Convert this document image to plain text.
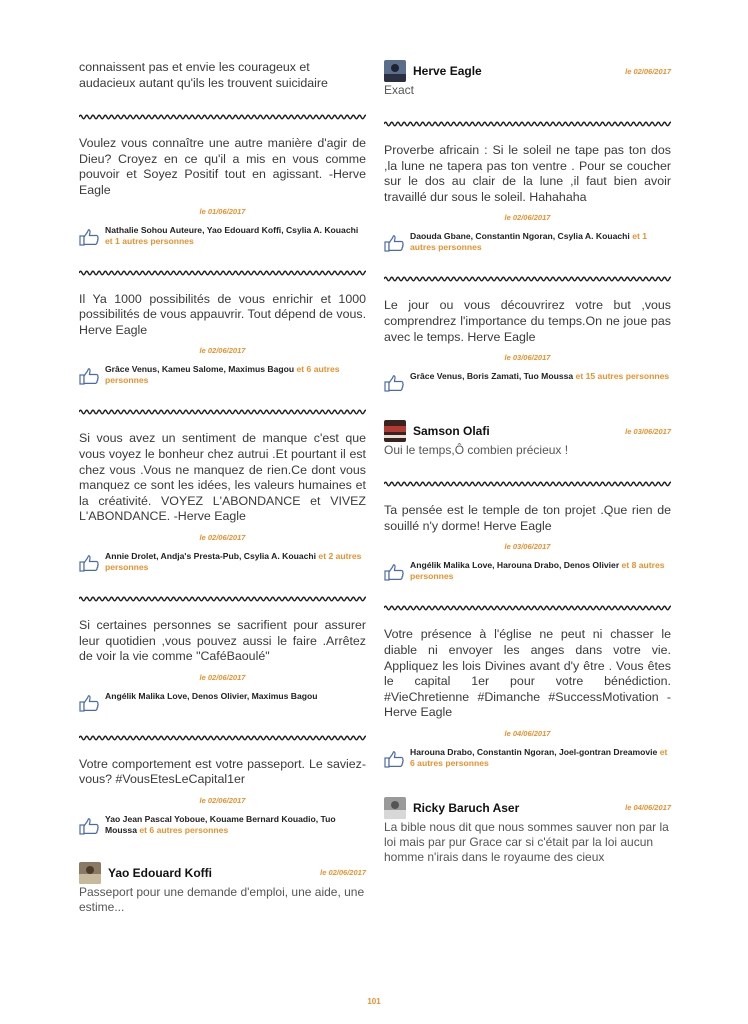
connaissent pas et envie les courageux et audacieux autant qu'ils les trouvent suicidaire

Voulez vous connaître une autre manière d'agir de Dieu? Croyez en ce qu'il a mis en vous comme pouvoir et Soyez Positif tout en agissant. -Herve Eagle

le 01/06/2017

Nathalie Sohou Auteure, Yao Edouard Koffi, Csylia A. Kouachi et 1 autres personnes

Il Ya 1000 possibilités de vous enrichir et 1000 possibilités de vous appauvrir. Tout dépend de vous. Herve Eagle

le 02/06/2017

Grâce Venus, Kameu Salome, Maximus Bagou et 6 autres personnes

Si vous avez un sentiment de manque c'est que vous voyez le bonheur chez autrui .Et pourtant il est chez vous .Vous ne manquez de rien.Ce dont vous manquez ce sont les idées, les valeurs humaines et la créativité. VOYEZ L'ABONDANCE et VIVEZ L'ABONDANCE. -Herve Eagle

le 02/06/2017

Annie Drolet, Andja's Presta-Pub, Csylia A. Kouachi et 2 autres personnes

Si certaines personnes se sacrifient pour assurer leur quotidien ,vous pouvez aussi le faire .Arrêtez de voir la vie comme "CaféBaoulé"

le 02/06/2017

Angélik Malika Love, Denos Olivier, Maximus Bagou

Votre comportement est votre passeport. Le saviez-vous? #VousEtesLeCapital1er

le 02/06/2017

Yao Jean Pascal Yoboue, Kouame Bernard Kouadio, Tuo Moussa et 6 autres personnes

Yao Edouard Koffi	le 02/06/2017

Passeport pour une demande d'emploi, une aide, une estime...

Herve Eagle	le 02/06/2017

Exact

Proverbe africain : Si le soleil ne tape pas ton dos ,la lune ne tapera pas ton ventre . Pour se coucher sur le dos au clair de la lune ,il faut bien avoir travaillé dur sous le soleil. Hahahaha

le 02/06/2017

Daouda Gbane, Constantin Ngoran, Csylia A. Kouachi et 1 autres personnes

Le jour ou vous découvrirez votre but ,vous comprendrez l'importance du temps.On ne joue pas avec le temps. Herve Eagle

le 03/06/2017

Grâce Venus, Boris Zamati, Tuo Moussa et 15 autres personnes

Samson Olafi	le 03/06/2017

Oui le temps,Ô combien précieux !

Ta pensée est le temple de ton projet .Que rien de souillé n'y dorme! Herve Eagle

le 03/06/2017

Angélik Malika Love, Harouna Drabo, Denos Olivier et 8 autres personnes

Votre présence à l'église ne peut ni chasser le diable ni envoyer les anges dans votre vie. Appliquez les lois Divines avant d'y être . Vous êtes le capital 1er pour votre bénédiction. #VieChretienne #Dimanche #SuccessMotivation -Herve Eagle

le 04/06/2017

Harouna Drabo, Constantin Ngoran, Joel-gontran Dreamovie et 6 autres personnes

Ricky Baruch Aser	le 04/06/2017

La bible nous dit que nous sommes sauver non par la loi mais par pur Grace car si c'était par la loi aucun homme n'irais dans le royaume des cieux

101
